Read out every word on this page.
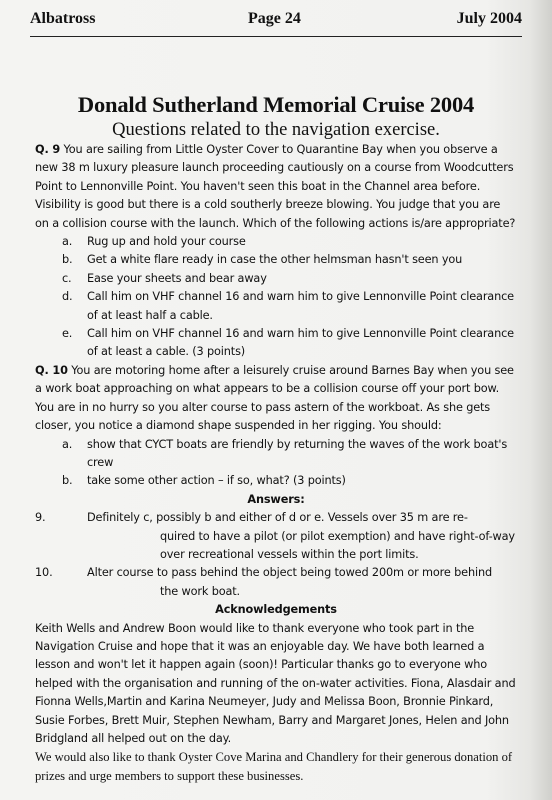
Albatross	Page 24	July 2004
Donald Sutherland Memorial Cruise 2004
Questions related to the navigation exercise.

Q. 9 You are sailing from Little Oyster Cover to Quarantine Bay when you observe a new 38 m luxury pleasure launch proceeding cautiously on a course from Woodcutters Point to Lennonville Point. You haven't seen this boat in the Channel area before. Visibility is good but there is a cold southerly breeze blowing. You judge that you are on a collision course with the launch. Which of the following actions is/are appropriate?

a. Rug up and hold your course
b. Get a white flare ready in case the other helmsman hasn't seen you
c. Ease your sheets and bear away
d. Call him on VHF channel 16 and warn him to give Lennonville Point clearance of at least half a cable.
e. Call him on VHF channel 16 and warn him to give Lennonville Point clearance of at least a cable. (3 points)

Q. 10 You are motoring home after a leisurely cruise around Barnes Bay when you see a work boat approaching on what appears to be a collision course off your port bow. You are in no hurry so you alter course to pass astern of the workboat. As she gets closer, you notice a diamond shape suspended in her rigging. You should:

a. show that CYCT boats are friendly by returning the waves of the work boat's crew
b. take some other action – if so, what? (3 points)
Answers:
9.	Definitely c, possibly b and either of d or e. Vessels over 35 m are re-
quired to have a pilot (or pilot exemption) and have right-of-way over recreational vessels within the port limits.
10.	Alter course to pass behind the object being towed 200m or more behind
the work boat.
Acknowledgements

Keith Wells and Andrew Boon would like to thank everyone who took part in the Navigation Cruise and hope that it was an enjoyable day. We have both learned a lesson and won't let it happen again (soon)! Particular thanks go to everyone who helped with the organisation and running of the on-water activities. Fiona, Alasdair and Fionna Wells,Martin and Karina Neumeyer, Judy and Melissa Boon, Bronnie Pinkard, Susie Forbes, Brett Muir, Stephen Newham, Barry and Margaret Jones, Helen and John Bridgland all helped out on the day.

We would also like to thank Oyster Cove Marina and Chandlery for their generous donation of prizes and urge members to support these businesses.
